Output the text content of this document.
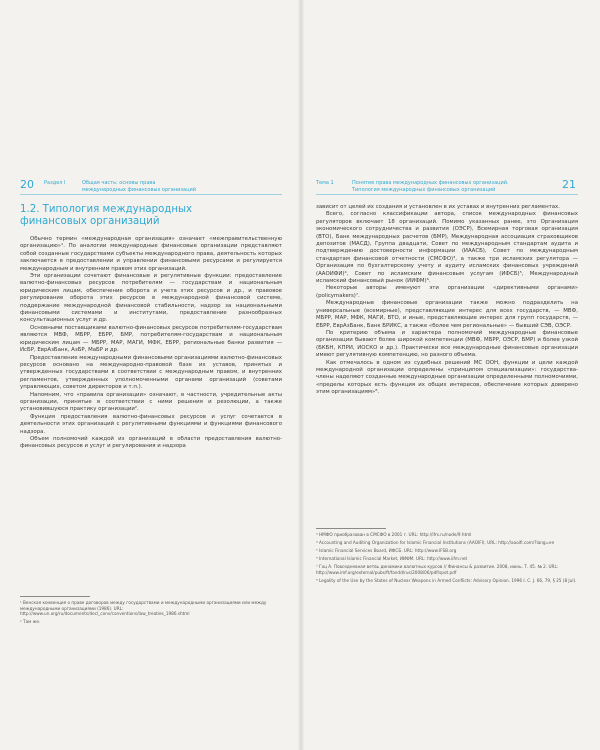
20 Раздел I	Общая часть: основы права
международных финансовых организаций
1.2. Типология международных
финансовых организаций

Обычно термин «международная организация» означает «межправительственную организацию»¹. По аналогии международные финансовые организации представляют собой созданные государствами субъекты международного права, деятельность которых заключается в предоставлении и управлении финансовыми ресурсами и регулируется международным и внутренним правом этих организаций.

Эти организации сочетают финансовые и регулятивные функции: предоставление валютно-финансовых ресурсов потребителям — государствам и национальным юридическим лицам, обеспечение оборота и учета этих ресурсов и др., и правовое регулирование оборота этих ресурсов в международной финансовой системе, поддержание международной финансовой стабильности, надзор за национальными финансовыми системами и институтами, предоставление разнообразных консультационных услуг и др.

Основными поставщиками валютно-финансовых ресурсов потребителям-государствам являются МВФ, МБРР, ЕБРР, БМР, потребителям-государствам и национальным юридическим лицам — МБРР, МАР, МАГИ, МФК, ЕБРР, региональные банки развития — ИсБР, ЕврАзБанк, АзБР, МаБР и др.

Предоставление международными финансовыми организациями валютно-финансовых ресурсов основано на международно-правовой базе их уставов, принятых и утвержденных государствами в соответствии с международным правом, и внутренних регламентов, утвержденных уполномоченными органами организаций (советами управляющих, советом директоров и т.п.).

Напомним, что «правила организации» означают, в частности, учредительные акты организации, принятые в соответствии с ними решения и резолюции, а также установившуюся практику организации².

Функция предоставления валютно-финансовых ресурсов и услуг сочетается в деятельности этих организаций с регулятивными функциями и функциями финансового надзора.

Объем полномочий каждой из организаций в области предоставления валютно-финансовых ресурсов и услуг и регулирования и надзора

¹ Венская конвенция о праве договоров между государствами и международными организациями или между международными организациями (1986). URL: http://www.un.org/ru/documents/decl_conv/conventions/law_treaties_1986.shtml
² Там же.
Тема 1	Понятие права международных финансовых организаций.
Типология международных финансовых организаций	21

зависит от целей их создания и установлен в их уставах и внутренних регламентах.

Всего, согласно классификации автора, список международных финансовых регуляторов включает 18 организаций. Помимо указанных ранее, это Организация экономического сотрудничества и развития (ОЭСР), Всемирная торговая организация (ВТО), Банк международных расчетов (БМР), Международная ассоциация страховщиков депозитов (МАСД), Группа двадцати, Совет по международным стандартам аудита и подтверждению достоверности информации (ИААСБ), Совет по международным стандартам финансовой отчетности (СМСФО)³, а также три исламских регулятора — Организация по бухгалтерскому учету и аудиту исламских финансовых учреждений (ААОИФИ)⁴, Совет по исламским финансовым услугам (ИФСБ)⁵, Международный исламский финансовый рынок (ИИФМ)⁶.

Некоторые авторы именуют эти организации «директивными органами» (policymakers)⁷.

Международные финансовые организации также можно подразделить на универсальные (всемирные), представляющие интерес для всех государств, — МВФ, МБРР, МАР, МФК, МАГИ, ВТО, и иные, представляющие интерес для групп государств, — ЕБРР, ЕврАзБанк, Банк БРИКС, а также «более чем региональные» — бывший СЭВ, ОЭСР.

По критерию объема и характера полномочий международные финансовые организации бывают более широкой компетенции (МВФ, МБРР, ОЭСР, БМР) и более узкой (БКБН, КПРИ, ИОСКО и др.). Практически все международные финансовые организации имеют регулятивную компетенцию, но разного объема.

Как отмечалось в одном из судебных решений МС ООН, функции и цели каждой международной организации определены «принципом специализации»: государства-члены наделяют созданные международные организации определенными полномочиями, «пределы которых есть функция их общих интересов, обеспечение которых доверено этим организациям»⁸.

³ НМФО приобразован в СМСФО в 2001 г. URL: http://ifrs.ru/node/9 html
⁴ Accounting and Auditing Organization for Islamic Financial Institutions (AAOIFI). URL: http://aaoifi.com/?lang=en
⁵ Islamic Financial Services Board, ИФСБ. URL: http://www.IFSB.org
⁶ International Islamic Financial Market, ИИФМ. URL: http://www.iifm.net
⁷ Гоц А. Повседневная ветвь динамики валютных курсов // Финансы & развитие. 2008, июнь. Т. 45. № 2. URL: http://www.imf.org/external/pubs/ft/fandd/rus/2008/06/pdf/spot.pdf
⁸ Legality of the Use by the States of Nuclear Weapons in Armed Conflicts: Advisory Opinion. 1996 I. C. J. 66, 79, § 25 (8 Jul).
